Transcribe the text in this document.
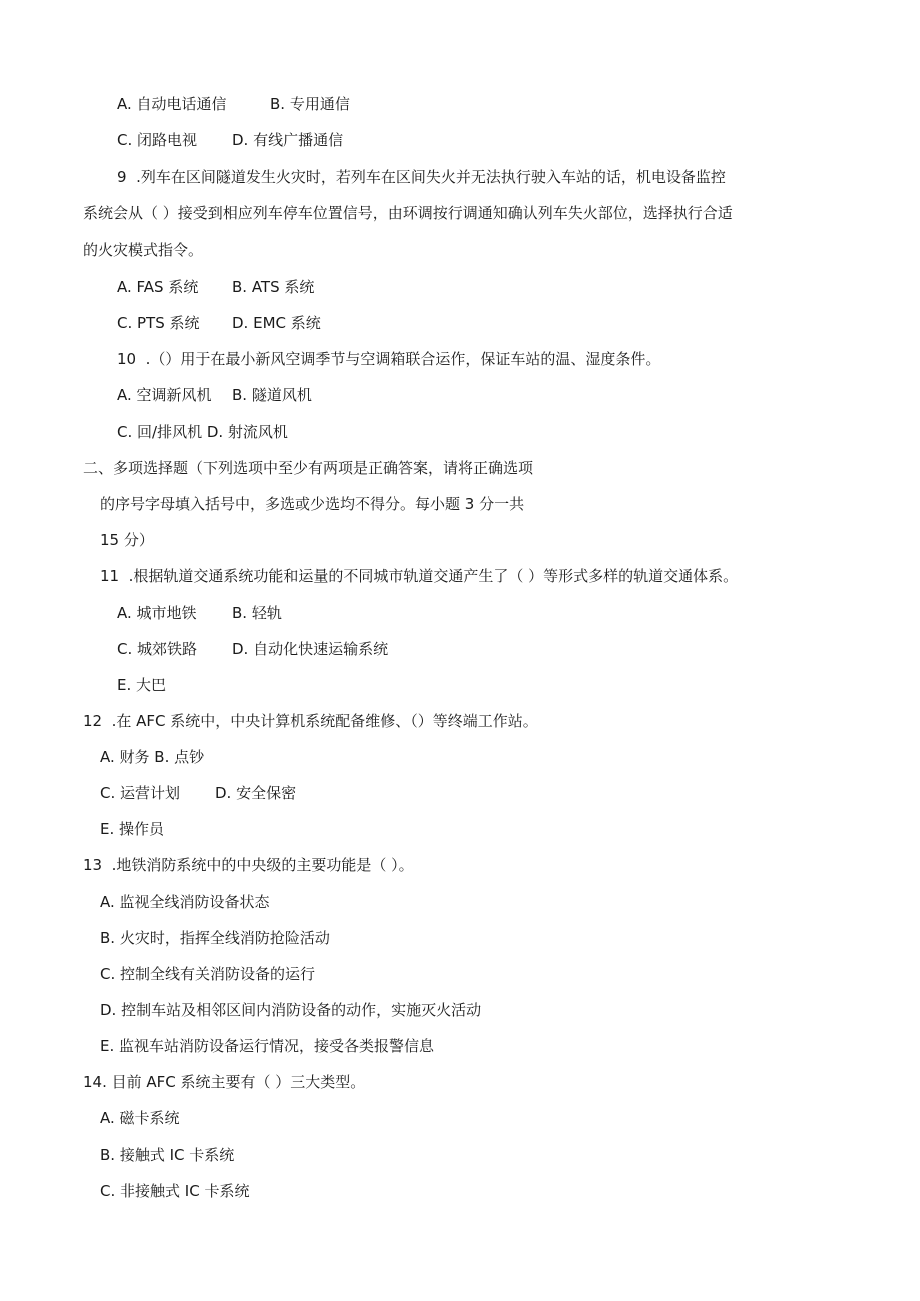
A. 自动电话通信	B. 专用通信
C. 闭路电视 D. 有线广播通信
9  .列车在区间隧道发生火灾时，若列车在区间失火并无法执行驶入车站的话，机电设备监控
系统会从（ ）接受到相应列车停车位置信号，由环调按行调通知确认列车失火部位，选择执行合适
的火灾模式指令。
A. FAS 系统 B. ATS 系统
C. PTS 系统 D. EMC 系统
10  .（）用于在最小新风空调季节与空调箱联合运作，保证车站的温、湿度条件。
A. 空调新风机 B. 隧道风机
C. 回/排风机 D. 射流风机
二、多项选择题（下列选项中至少有两项是正确答案，请将正确选项
的序号字母填入括号中，多选或少选均不得分。每小题 3 分一共
15 分）
11  .根据轨道交通系统功能和运量的不同城市轨道交通产生了（ ）等形式多样的轨道交通体系。
A. 城市地铁 B. 轻轨
C. 城郊铁路 D. 自动化快速运输系统
E. 大巴
12  .在 AFC 系统中，中央计算机系统配备维修、（）等终端工作站。
A. 财务 B. 点钞
C. 运营计划 D. 安全保密
E. 操作员
13  .地铁消防系统中的中央级的主要功能是（ ）。
A. 监视全线消防设备状态
B. 火灾时，指挥全线消防抢险活动
C. 控制全线有关消防设备的运行
D. 控制车站及相邻区间内消防设备的动作，实施灭火活动
E. 监视车站消防设备运行情况，接受各类报警信息
14. 目前 AFC 系统主要有（ ）三大类型。
A. 磁卡系统
B. 接触式 IC 卡系统
C. 非接触式 IC 卡系统
